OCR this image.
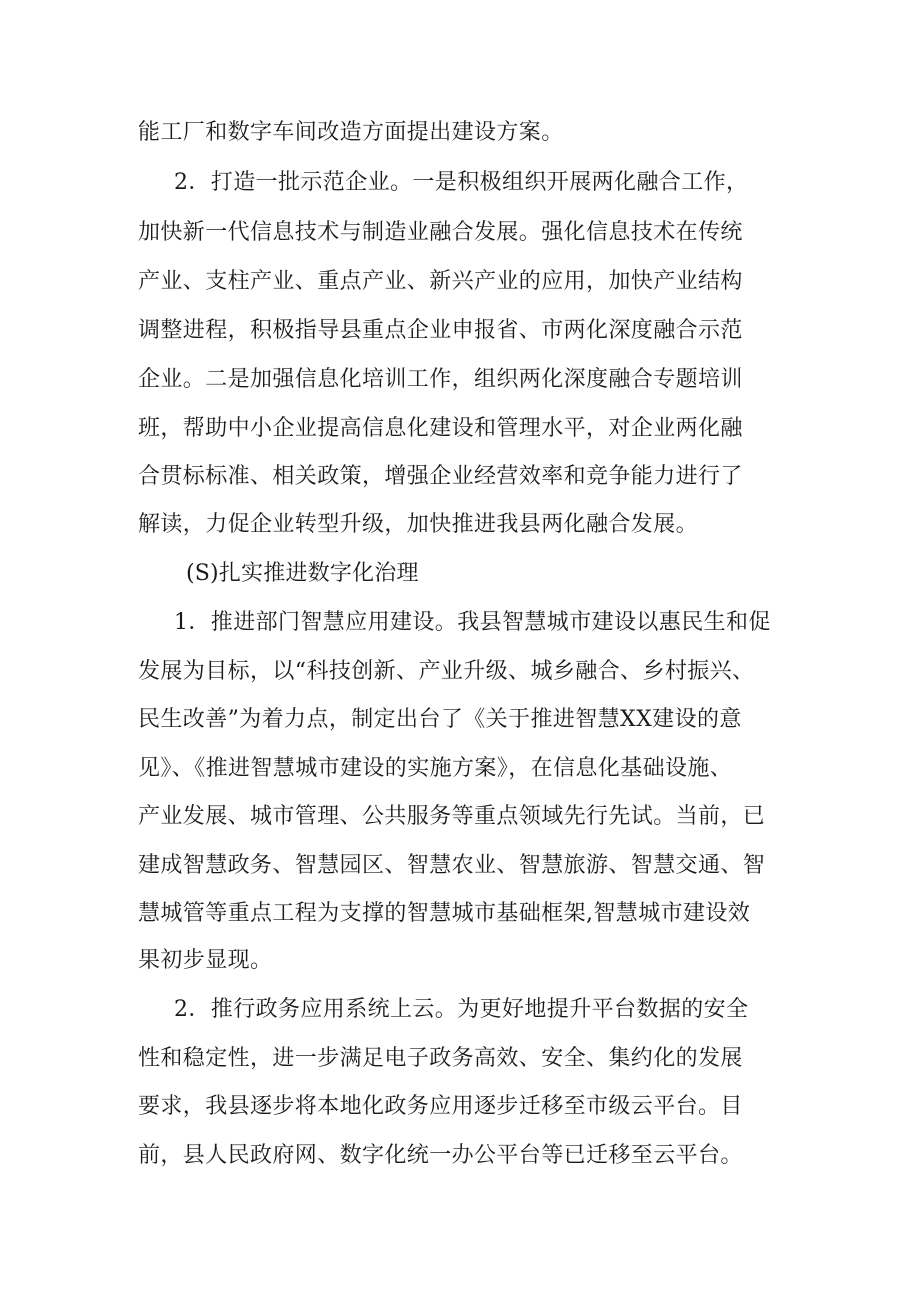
能工厂和数字车间改造方面提出建设方案。

2．打造一批示范企业。一是积极组织开展两化融合工作，

加快新一代信息技术与制造业融合发展。强化信息技术在传统

产业、支柱产业、重点产业、新兴产业的应用，加快产业结构

调整进程，积极指导县重点企业申报省、市两化深度融合示范

企业。二是加强信息化培训工作，组织两化深度融合专题培训

班，帮助中小企业提高信息化建设和管理水平，对企业两化融

合贯标标准、相关政策，增强企业经营效率和竞争能力进行了

解读，力促企业转型升级，加快推进我县两化融合发展。

(S)扎实推进数字化治理

1．推进部门智慧应用建设。我县智慧城市建设以惠民生和促

发展为目标，以“科技创新、产业升级、城乡融合、乡村振兴、

民生改善”为着力点，制定出台了《关于推进智慧XX建设的意

见》、《推进智慧城市建设的实施方案》，在信息化基础设施、

产业发展、城市管理、公共服务等重点领域先行先试。当前，已

建成智慧政务、智慧园区、智慧农业、智慧旅游、智慧交通、智

慧城管等重点工程为支撑的智慧城市基础框架,智慧城市建设效

果初步显现。

2．推行政务应用系统上云。为更好地提升平台数据的安全

性和稳定性，进一步满足电子政务高效、安全、集约化的发展

要求，我县逐步将本地化政务应用逐步迁移至市级云平台。目

前，县人民政府网、数字化统一办公平台等已迁移至云平台。
